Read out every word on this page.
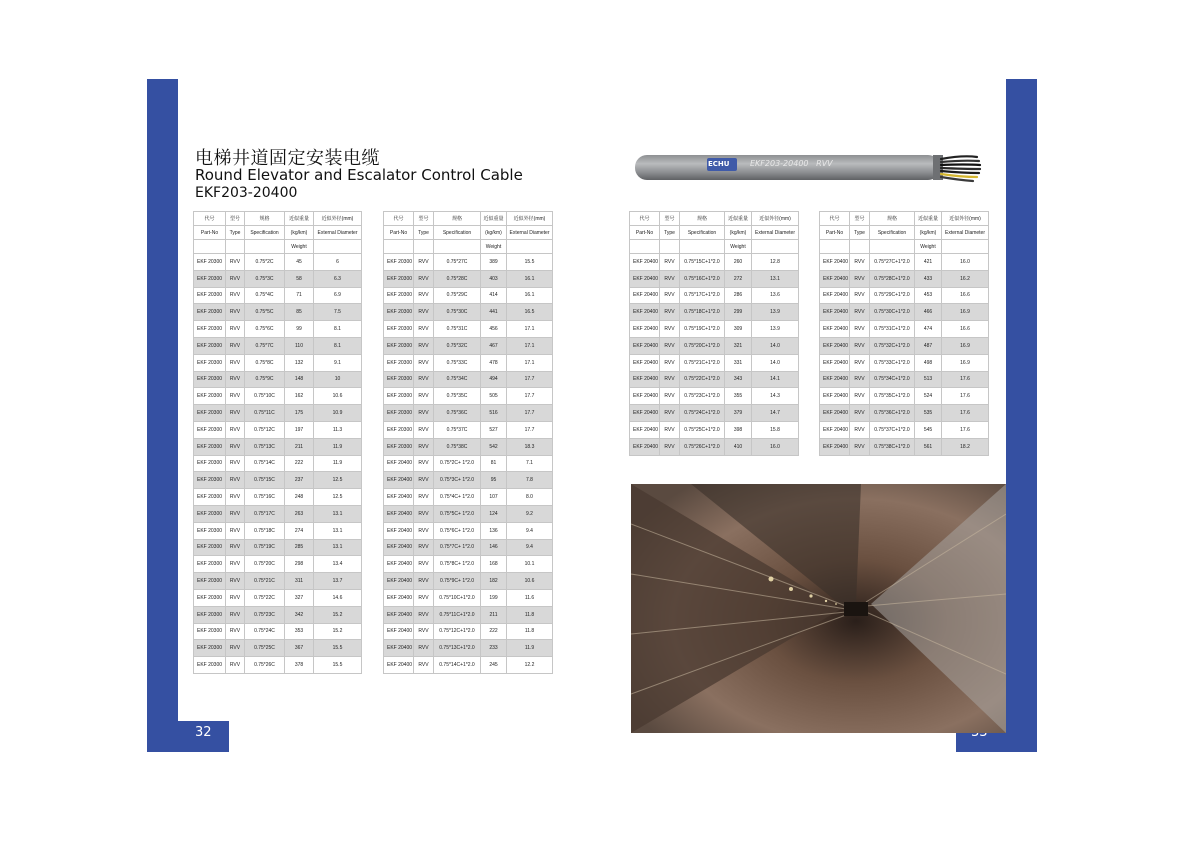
32
电梯井道固定安装电缆
Round Elevator and Escalator Control Cable
EKF203-20400
ECHU	EKF203-20400   RVV
代号	型号	规格	近似重量	近似外径(mm)
Part-No	Type	Specification	(kg/km)	External Diameter
			Weight	
EKF 20300	RVV	0.75*2C	45	6
EKF 20300	RVV	0.75*3C	58	6.3
EKF 20300	RVV	0.75*4C	71	6.9
EKF 20300	RVV	0.75*5C	85	7.5
EKF 20300	RVV	0.75*6C	99	8.1
EKF 20300	RVV	0.75*7C	110	8.1
EKF 20300	RVV	0.75*8C	132	9.1
EKF 20300	RVV	0.75*9C	148	10
EKF 20300	RVV	0.75*10C	162	10.6
EKF 20300	RVV	0.75*11C	175	10.9
EKF 20300	RVV	0.75*12C	197	11.3
EKF 20300	RVV	0.75*13C	211	11.9
EKF 20300	RVV	0.75*14C	222	11.9
EKF 20300	RVV	0.75*15C	237	12.5
EKF 20300	RVV	0.75*16C	248	12.5
EKF 20300	RVV	0.75*17C	263	13.1
EKF 20300	RVV	0.75*18C	274	13.1
EKF 20300	RVV	0.75*19C	285	13.1
EKF 20300	RVV	0.75*20C	298	13.4
EKF 20300	RVV	0.75*21C	311	13.7
EKF 20300	RVV	0.75*22C	327	14.6
EKF 20300	RVV	0.75*23C	342	15.2
EKF 20300	RVV	0.75*24C	353	15.2
EKF 20300	RVV	0.75*25C	367	15.5
EKF 20300	RVV	0.75*26C	378	15.5
代号	型号	规格	近似重量	近似外径(mm)
Part-No	Type	Specification	(kg/km)	External Diameter
			Weight	
EKF 20300	RVV	0.75*27C	389	15.5
EKF 20300	RVV	0.75*28C	403	16.1
EKF 20300	RVV	0.75*29C	414	16.1
EKF 20300	RVV	0.75*30C	441	16.5
EKF 20300	RVV	0.75*31C	456	17.1
EKF 20300	RVV	0.75*32C	467	17.1
EKF 20300	RVV	0.75*33C	478	17.1
EKF 20300	RVV	0.75*34C	494	17.7
EKF 20300	RVV	0.75*35C	505	17.7
EKF 20300	RVV	0.75*36C	516	17.7
EKF 20300	RVV	0.75*37C	527	17.7
EKF 20300	RVV	0.75*38C	542	18.3
EKF 20400	RVV	0.75*2C+ 1*2.0	81	7.1
EKF 20400	RVV	0.75*3C+ 1*2.0	95	7.8
EKF 20400	RVV	0.75*4C+ 1*2.0	107	8.0
EKF 20400	RVV	0.75*5C+ 1*2.0	124	9.2
EKF 20400	RVV	0.75*6C+ 1*2.0	136	9.4
EKF 20400	RVV	0.75*7C+ 1*2.0	146	9.4
EKF 20400	RVV	0.75*8C+ 1*2.0	168	10.1
EKF 20400	RVV	0.75*9C+ 1*2.0	182	10.6
EKF 20400	RVV	0.75*10C+1*2.0	199	11.6
EKF 20400	RVV	0.75*11C+1*2.0	211	11.8
EKF 20400	RVV	0.75*12C+1*2.0	222	11.8
EKF 20400	RVV	0.75*13C+1*2.0	233	11.9
EKF 20400	RVV	0.75*14C+1*2.0	245	12.2
代号	型号	规格	近似重量	近似外径(mm)
Part-No	Type	Specification	(kg/km)	External Diameter
			Weight	
EKF 20400	RVV	0.75*15C+1*2.0	260	12.8
EKF 20400	RVV	0.75*16C+1*2.0	272	13.1
EKF 20400	RVV	0.75*17C+1*2.0	286	13.6
EKF 20400	RVV	0.75*18C+1*2.0	299	13.9
EKF 20400	RVV	0.75*19C+1*2.0	309	13.9
EKF 20400	RVV	0.75*20C+1*2.0	321	14.0
EKF 20400	RVV	0.75*21C+1*2.0	331	14.0
EKF 20400	RVV	0.75*22C+1*2.0	343	14.1
EKF 20400	RVV	0.75*23C+1*2.0	355	14.3
EKF 20400	RVV	0.75*24C+1*2.0	379	14.7
EKF 20400	RVV	0.75*25C+1*2.0	398	15.8
EKF 20400	RVV	0.75*26C+1*2.0	410	16.0
代号	型号	规格	近似重量	近似外径(mm)
Part-No	Type	Specification	(kg/km)	External Diameter
			Weight	
EKF 20400	RVV	0.75*27C+1*2.0	421	16.0
EKF 20400	RVV	0.75*28C+1*2.0	433	16.2
EKF 20400	RVV	0.75*29C+1*2.0	453	16.6
EKF 20400	RVV	0.75*30C+1*2.0	466	16.9
EKF 20400	RVV	0.75*31C+1*2.0	474	16.6
EKF 20400	RVV	0.75*32C+1*2.0	487	16.9
EKF 20400	RVV	0.75*33C+1*2.0	498	16.9
EKF 20400	RVV	0.75*34C+1*2.0	513	17.6
EKF 20400	RVV	0.75*35C+1*2.0	524	17.6
EKF 20400	RVV	0.75*36C+1*2.0	535	17.6
EKF 20400	RVV	0.75*37C+1*2.0	545	17.6
EKF 20400	RVV	0.75*38C+1*2.0	561	18.2
